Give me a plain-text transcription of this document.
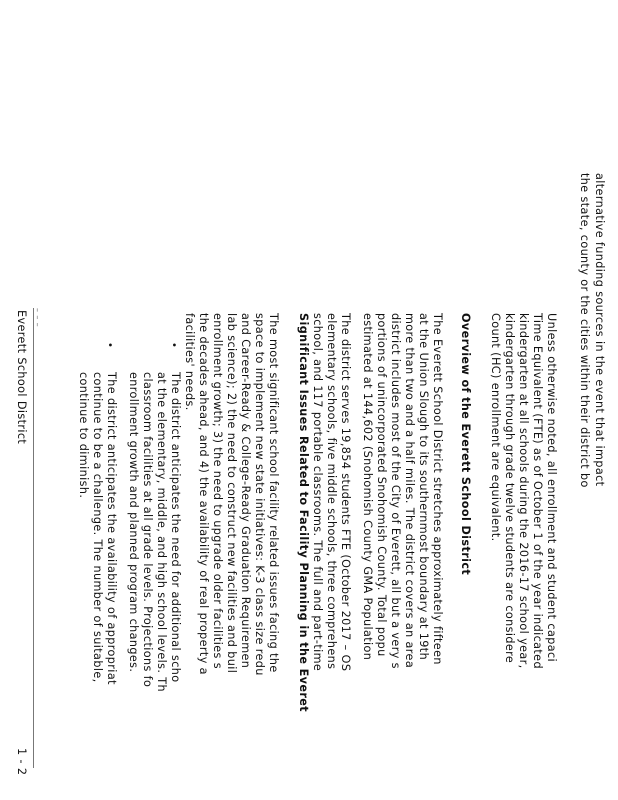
alternative funding sources in the event that impact
the state, county or the cities within their district bo
Unless otherwise noted, all enrollment and student capaci
Time Equivalent (FTE) as of October 1 of the year indicated
kindergarten at all schools during the 2016-17 school year,
kindergarten through grade twelve students are considere
Count (HC) enrollment are equivalent.
Overview of the Everett School District
The Everett School District stretches approximately fifteen
at the Union Slough to its southernmost boundary at 19th
more than two and a half miles. The district covers an area
district includes most of the City of Everett, all but a very s
portions of unincorporated Snohomish County. Total popu
estimated at 144,602 (Snohomish County GMA Population
The district serves 19,854 students FTE (October 2017 – OS
elementary schools, five middle schools, three comprehens
school, and 117 portable classrooms. The full and part-time
Significant Issues Related to Facility Planning in the Everet
The most significant school facility related issues facing the
space to implement new state initiatives: K-3 class size redu
and Career-Ready & College-Ready Graduation Requiremen
lab science); 2) the need to construct new facilities and buil
enrollment growth; 3) the need to upgrade older facilities s
the decades ahead, and 4) the availability of real property a
facilities' needs.
•
The district anticipates the need for additional scho
at the elementary, middle, and high school levels. Th
classroom facilities at all grade levels. Projections fo
enrollment growth and planned program changes.
•
The district anticipates the availability of appropriat
continue to be a challenge. The number of suitable,
continue to diminish.
– – –
Everett School District
1 - 2
